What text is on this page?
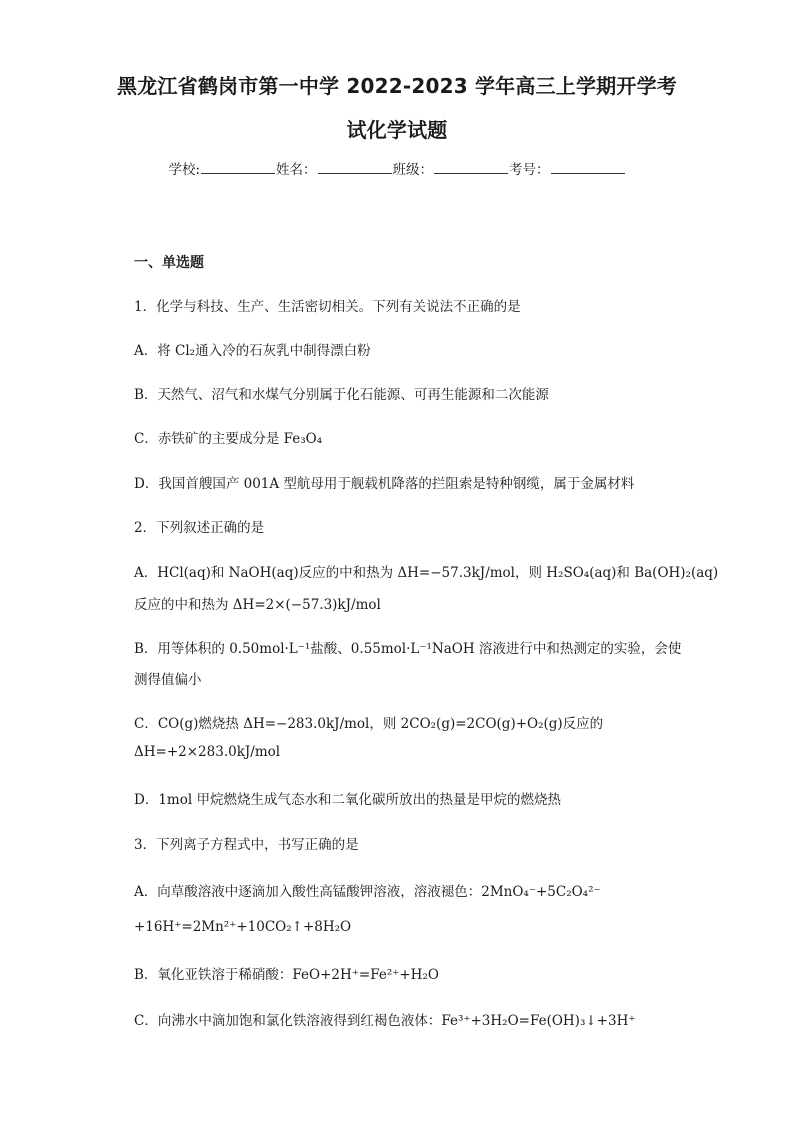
黑龙江省鹤岗市第一中学 2022-2023 学年高三上学期开学考
试化学试题
学校:	姓名：	班级：	考号：
一、单选题
1．化学与科技、生产、生活密切相关。下列有关说法不正确的是
A．将 Cl₂通入冷的石灰乳中制得漂白粉
B．天然气、沼气和水煤气分别属于化石能源、可再生能源和二次能源
C．赤铁矿的主要成分是 Fe₃O₄
D．我国首艘国产 001A 型航母用于舰载机降落的拦阻索是特种钢缆，属于金属材料
2．下列叙述正确的是
A．HCl(aq)和 NaOH(aq)反应的中和热为 ΔH=−57.3kJ/mol，则 H₂SO₄(aq)和 Ba(OH)₂(aq)
反应的中和热为 ΔH=2×(−57.3)kJ/mol
B．用等体积的 0.50mol·L⁻¹盐酸、0.55mol·L⁻¹NaOH 溶液进行中和热测定的实验，会使
测得值偏小
C．CO(g)燃烧热 ΔH=−283.0kJ/mol，则 2CO₂(g)=2CO(g)+O₂(g)反应的
ΔH=+2×283.0kJ/mol
D．1mol 甲烷燃烧生成气态水和二氧化碳所放出的热量是甲烷的燃烧热
3．下列离子方程式中，书写正确的是
A．向草酸溶液中逐滴加入酸性高锰酸钾溶液，溶液褪色：2MnO₄⁻+5C₂O₄²⁻
+16H⁺=2Mn²⁺+10CO₂↑+8H₂O
B．氧化亚铁溶于稀硝酸：FeO+2H⁺=Fe²⁺+H₂O
C．向沸水中滴加饱和氯化铁溶液得到红褐色液体：Fe³⁺+3H₂O=Fe(OH)₃↓+3H⁺
